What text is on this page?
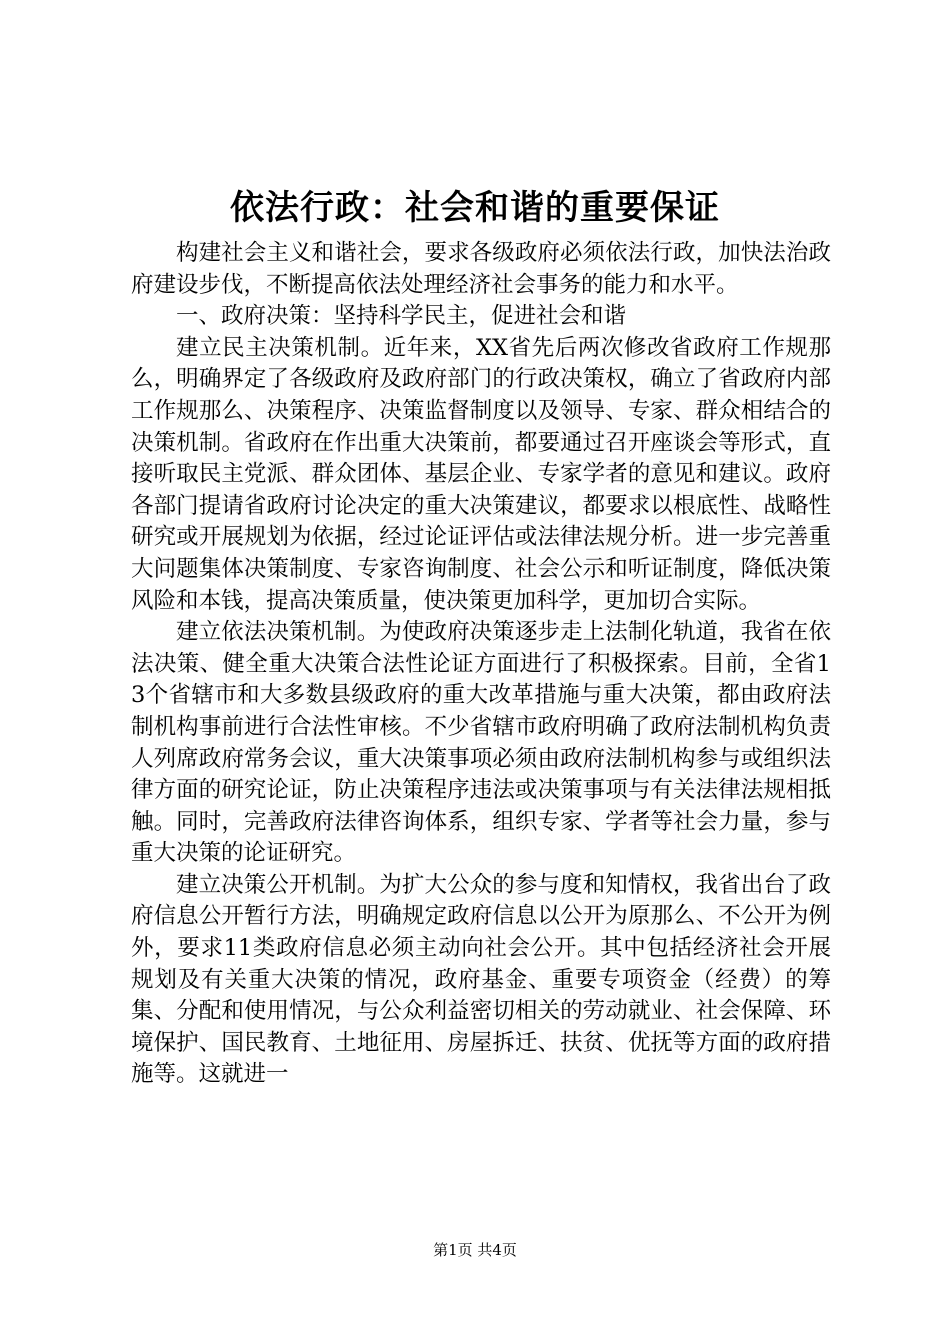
依法行政：社会和谐的重要保证

构建社会主义和谐社会，要求各级政府必须依法行政，加快法治政府建设步伐，不断提高依法处理经济社会事务的能力和水平。

一、政府决策：坚持科学民主，促进社会和谐

建立民主决策机制。近年来，XX省先后两次修改省政府工作规那么，明确界定了各级政府及政府部门的行政决策权，确立了省政府内部工作规那么、决策程序、决策监督制度以及领导、专家、群众相结合的决策机制。省政府在作出重大决策前，都要通过召开座谈会等形式，直接听取民主党派、群众团体、基层企业、专家学者的意见和建议。政府各部门提请省政府讨论决定的重大决策建议，都要求以根底性、战略性研究或开展规划为依据，经过论证评估或法律法规分析。进一步完善重大问题集体决策制度、专家咨询制度、社会公示和听证制度，降低决策风险和本钱，提高决策质量，使决策更加科学，更加切合实际。

建立依法决策机制。为使政府决策逐步走上法制化轨道，我省在依法决策、健全重大决策合法性论证方面进行了积极探索。目前，全省13个省辖市和大多数县级政府的重大改革措施与重大决策，都由政府法制机构事前进行合法性审核。不少省辖市政府明确了政府法制机构负责人列席政府常务会议，重大决策事项必须由政府法制机构参与或组织法律方面的研究论证，防止决策程序违法或决策事项与有关法律法规相抵触。同时，完善政府法律咨询体系，组织专家、学者等社会力量，参与重大决策的论证研究。

建立决策公开机制。为扩大公众的参与度和知情权，我省出台了政府信息公开暂行方法，明确规定政府信息以公开为原那么、不公开为例外，要求11类政府信息必须主动向社会公开。其中包括经济社会开展规划及有关重大决策的情况，政府基金、重要专项资金（经费）的筹集、分配和使用情况，与公众利益密切相关的劳动就业、社会保障、环境保护、国民教育、土地征用、房屋拆迁、扶贫、优抚等方面的政府措施等。这就进一

第1页 共4页
